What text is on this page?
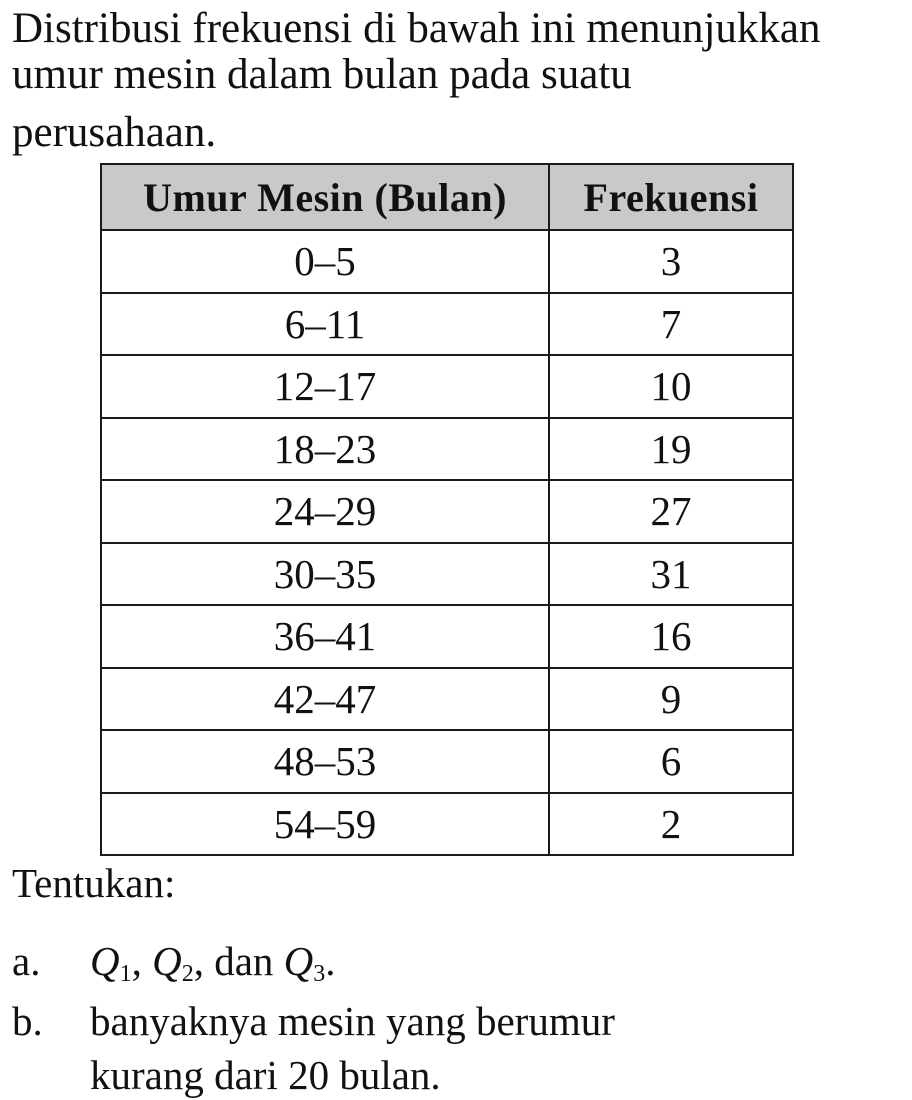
Distribusi frekuensi di bawah ini menunjukkan
umur mesin dalam bulan pada suatu
perusahaan.
Umur Mesin (Bulan)	Frekuensi
0–5	3
6–11	7
12–17	10
18–23	19
24–29	27
30–35	31
36–41	16
42–47	9
48–53	6
54–59	2

Tentukan:

a. $Q_1$, $Q_2$, dan $Q_3$.
b. banyaknya mesin yang berumur
kurang dari 20 bulan.
